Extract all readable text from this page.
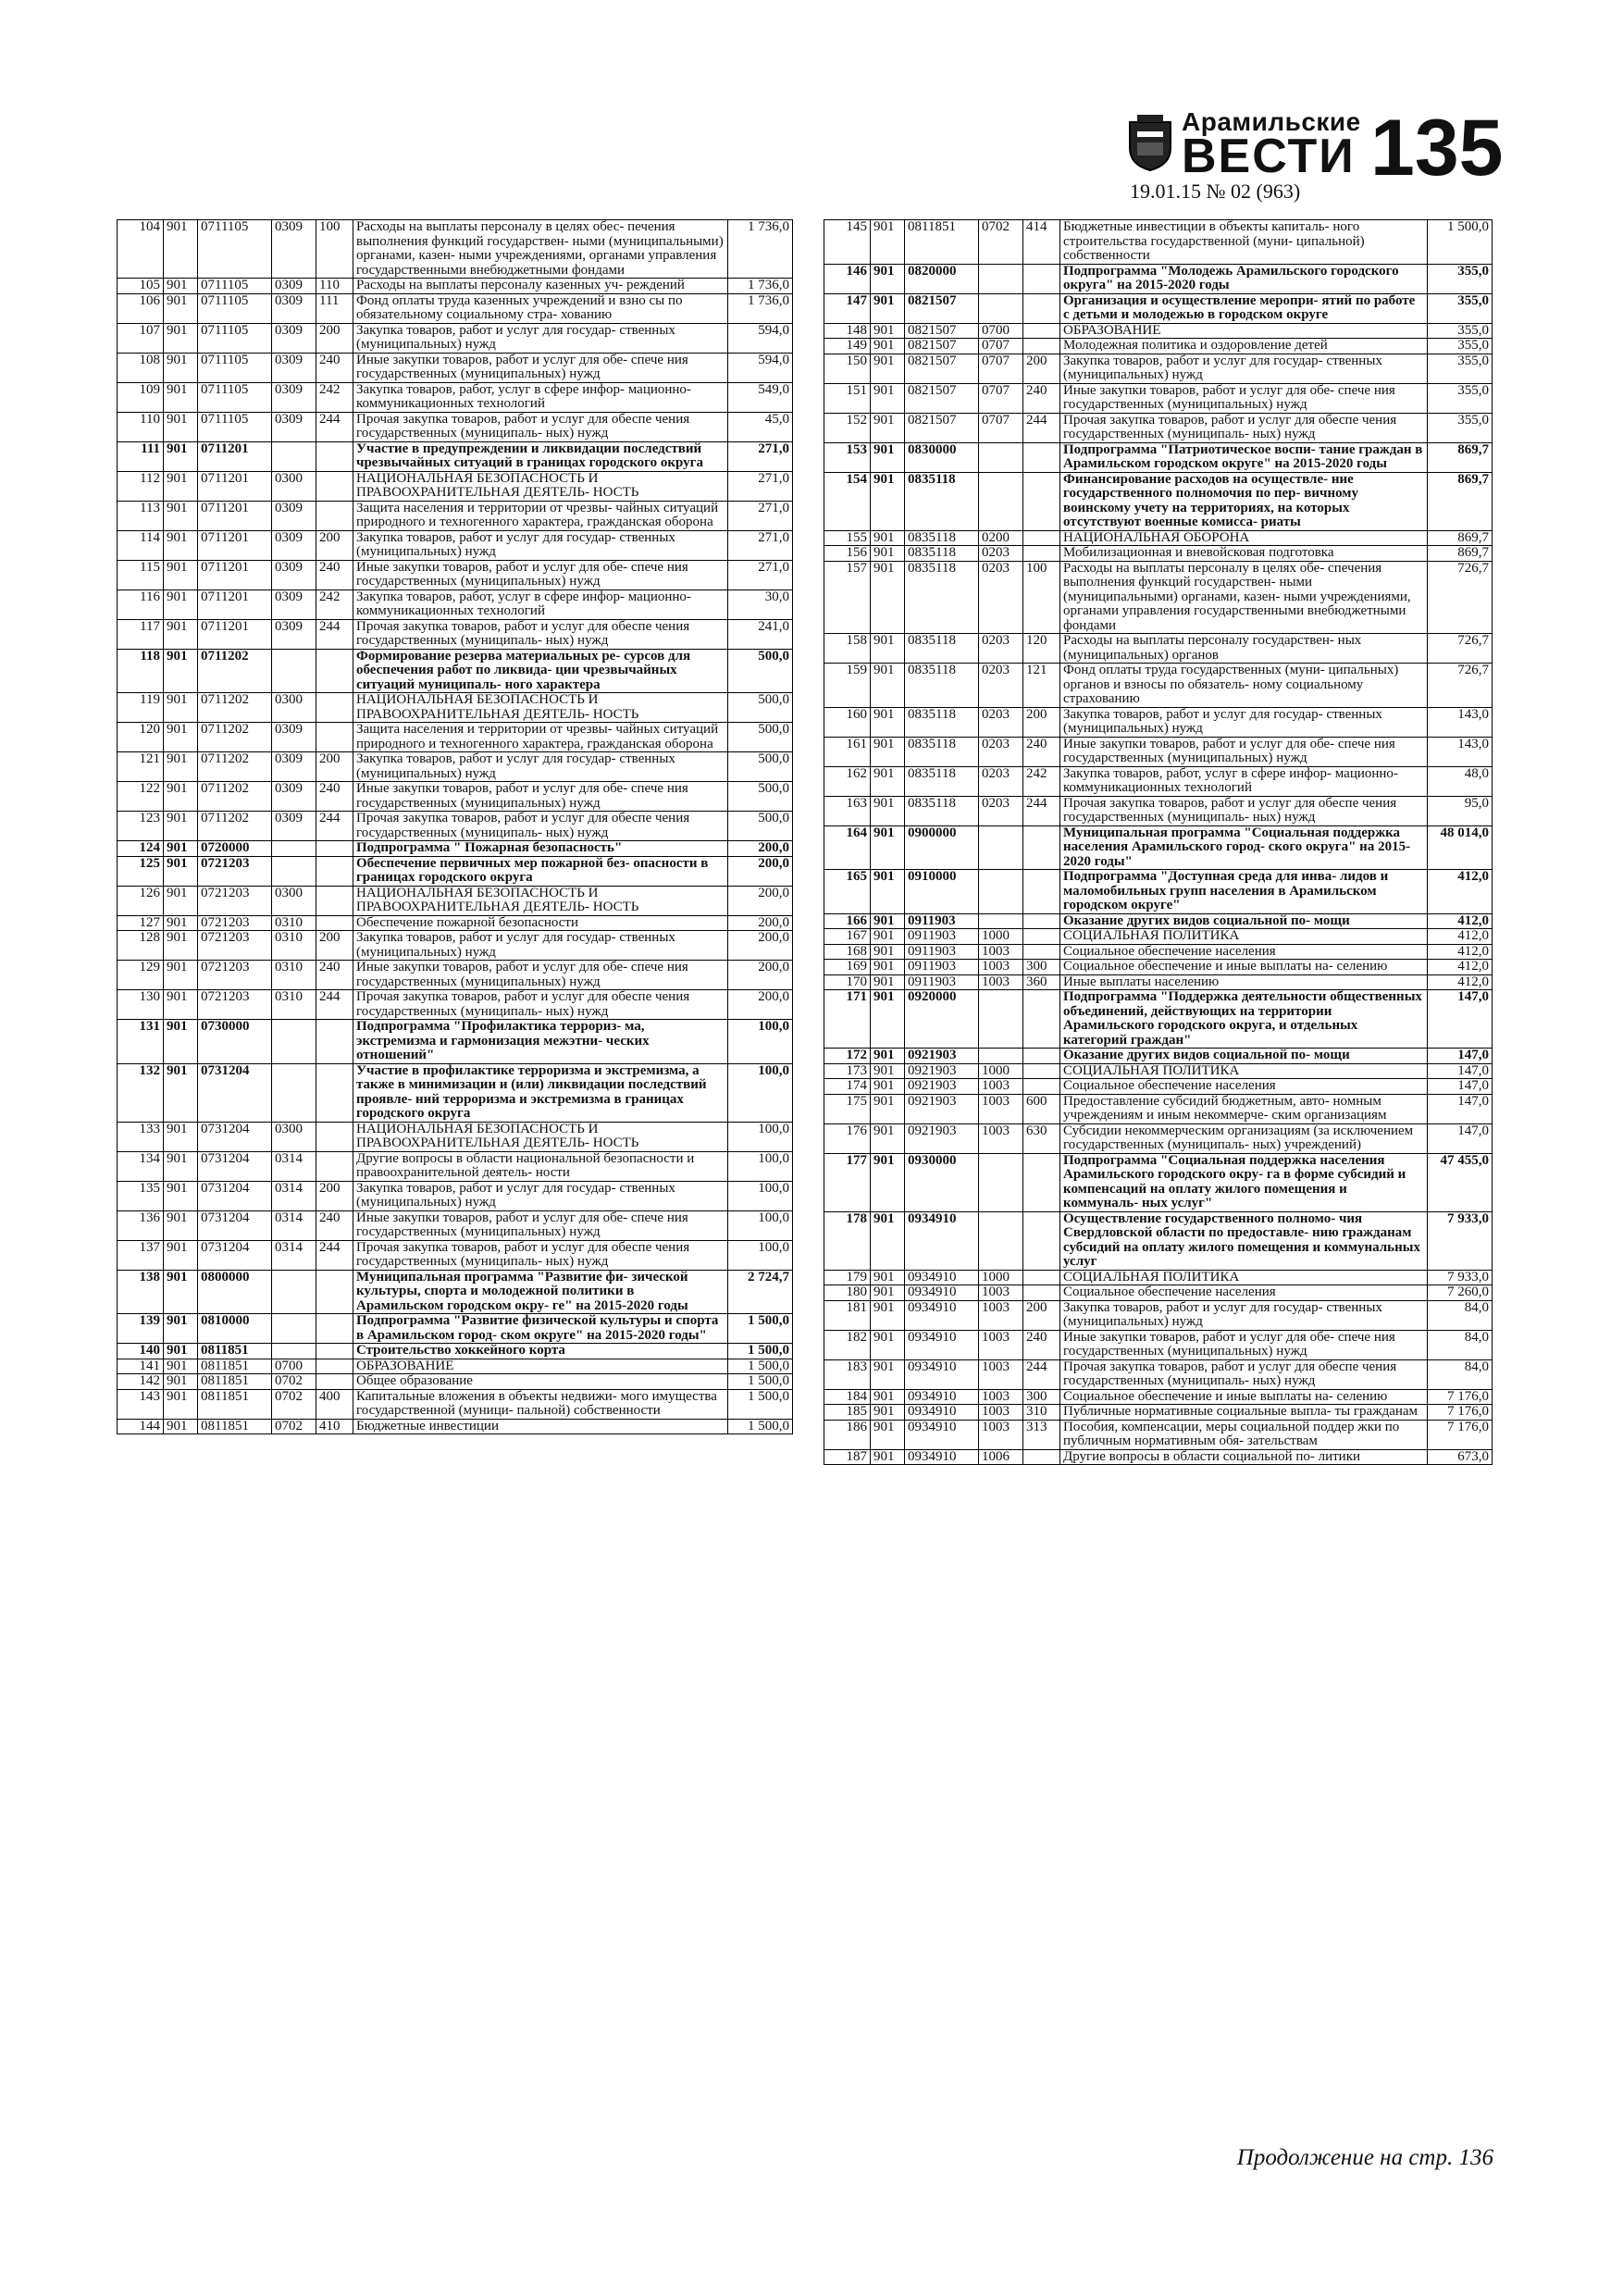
Арамильские
ВЕСТИ 135
19.01.15 № 02 (963)
104	901	0711105	0309	100	Расходы на выплаты персоналу в целях обес- печения выполнения функций государствен- ными (муниципальными) органами, казен- ными учреждениями, органами управления государственными внебюджетными фондами	1 736,0
105	901	0711105	0309	110	Расходы на выплаты персоналу казенных уч- реждений	1 736,0
106	901	0711105	0309	111	Фонд оплаты труда казенных учреждений и взно сы по обязательному социальному стра- хованию	1 736,0
107	901	0711105	0309	200	Закупка товаров, работ и услуг для государ- ственных (муниципальных) нужд	594,0
108	901	0711105	0309	240	Иные закупки товаров, работ и услуг для обе- спече ния государственных (муниципальных) нужд	594,0
109	901	0711105	0309	242	Закупка товаров, работ, услуг в сфере инфор- мационно-коммуникационных технологий	549,0
110	901	0711105	0309	244	Прочая закупка товаров, работ и услуг для обеспе чения государственных (муниципаль- ных) нужд	45,0
111	901	0711201			Участие в предупреждении и ликвидации последствий чрезвычайных ситуаций в границах городского округа	271,0
112	901	0711201	0300		НАЦИОНАЛЬНАЯ БЕЗОПАСНОСТЬ И ПРАВООХРАНИТЕЛЬНАЯ ДЕЯТЕЛЬ- НОСТЬ	271,0
113	901	0711201	0309		Защита населения и территории от чрезвы- чайных ситуаций природного и техногенного характера, гражданская оборона	271,0
114	901	0711201	0309	200	Закупка товаров, работ и услуг для государ- ственных (муниципальных) нужд	271,0
115	901	0711201	0309	240	Иные закупки товаров, работ и услуг для обе- спече ния государственных (муниципальных) нужд	271,0
116	901	0711201	0309	242	Закупка товаров, работ, услуг в сфере инфор- мационно-коммуникационных технологий	30,0
117	901	0711201	0309	244	Прочая закупка товаров, работ и услуг для обеспе чения государственных (муниципаль- ных) нужд	241,0
118	901	0711202			Формирование резерва материальных ре- сурсов для обеспечения работ по ликвида- ции чрезвычайных ситуаций муниципаль- ного характера	500,0
119	901	0711202	0300		НАЦИОНАЛЬНАЯ БЕЗОПАСНОСТЬ И ПРАВООХРАНИТЕЛЬНАЯ ДЕЯТЕЛЬ- НОСТЬ	500,0
120	901	0711202	0309		Защита населения и территории от чрезвы- чайных ситуаций природного и техногенного характера, гражданская оборона	500,0
121	901	0711202	0309	200	Закупка товаров, работ и услуг для государ- ственных (муниципальных) нужд	500,0
122	901	0711202	0309	240	Иные закупки товаров, работ и услуг для обе- спече ния государственных (муниципальных) нужд	500,0
123	901	0711202	0309	244	Прочая закупка товаров, работ и услуг для обеспе чения государственных (муниципаль- ных) нужд	500,0
124	901	0720000			Подпрограмма " Пожарная безопасность"	200,0
125	901	0721203			Обеспечение первичных мер пожарной без- опасности в границах городского округа	200,0
126	901	0721203	0300		НАЦИОНАЛЬНАЯ БЕЗОПАСНОСТЬ И ПРАВООХРАНИТЕЛЬНАЯ ДЕЯТЕЛЬ- НОСТЬ	200,0
127	901	0721203	0310		Обеспечение пожарной безопасности	200,0
128	901	0721203	0310	200	Закупка товаров, работ и услуг для государ- ственных (муниципальных) нужд	200,0
129	901	0721203	0310	240	Иные закупки товаров, работ и услуг для обе- спече ния государственных (муниципальных) нужд	200,0
130	901	0721203	0310	244	Прочая закупка товаров, работ и услуг для обеспе чения государственных (муниципаль- ных) нужд	200,0
131	901	0730000			Подпрограмма "Профилактика террориз- ма, экстремизма и гармонизация межэтни- ческих отношений"	100,0
132	901	0731204			Участие в профилактике терроризма и экстремизма, а также в минимизации и (или) ликвидации последствий проявле- ний терроризма и экстремизма в границах городского округа	100,0
133	901	0731204	0300		НАЦИОНАЛЬНАЯ БЕЗОПАСНОСТЬ И ПРАВООХРАНИТЕЛЬНАЯ ДЕЯТЕЛЬ- НОСТЬ	100,0
134	901	0731204	0314		Другие вопросы в области национальной безопасности и правоохранительной деятель- ности	100,0
135	901	0731204	0314	200	Закупка товаров, работ и услуг для государ- ственных (муниципальных) нужд	100,0
136	901	0731204	0314	240	Иные закупки товаров, работ и услуг для обе- спече ния государственных (муниципальных) нужд	100,0
137	901	0731204	0314	244	Прочая закупка товаров, работ и услуг для обеспе чения государственных (муниципаль- ных) нужд	100,0
138	901	0800000			Муниципальная программа "Развитие фи- зической культуры, спорта и молодежной политики в Арамильском городском окру- ге" на 2015-2020 годы	2 724,7
139	901	0810000			Подпрограмма "Развитие физической культуры и спорта в Арамильском город- ском округе" на 2015-2020 годы"	1 500,0
140	901	0811851			Строительство хоккейного корта	1 500,0
141	901	0811851	0700		ОБРАЗОВАНИЕ	1 500,0
142	901	0811851	0702		Общее образование	1 500,0
143	901	0811851	0702	400	Капитальные вложения в объекты недвижи- мого имущества государственной (муници- пальной) собственности	1 500,0
144	901	0811851	0702	410	Бюджетные инвестиции	1 500,0
145	901	0811851	0702	414	Бюджетные инвестиции в объекты капиталь- ного строительства государственной (муни- ципальной) собственности	1 500,0
146	901	0820000			Подпрограмма "Молодежь Арамильского городского округа" на 2015-2020 годы	355,0
147	901	0821507			Организация и осуществление меропри- ятий по работе с детьми и молодежью в городском округе	355,0
148	901	0821507	0700		ОБРАЗОВАНИЕ	355,0
149	901	0821507	0707		Молодежная политика и оздоровление детей	355,0
150	901	0821507	0707	200	Закупка товаров, работ и услуг для государ- ственных (муниципальных) нужд	355,0
151	901	0821507	0707	240	Иные закупки товаров, работ и услуг для обе- спече ния государственных (муниципальных) нужд	355,0
152	901	0821507	0707	244	Прочая закупка товаров, работ и услуг для обеспе чения государственных (муниципаль- ных) нужд	355,0
153	901	0830000			Подпрограмма "Патриотическое воспи- тание граждан в Арамильском городском округе" на 2015-2020 годы	869,7
154	901	0835118			Финансирование расходов на осуществле- ние государственного полномочия по пер- вичному воинскому учету на территориях, на которых отсутствуют военные комисса- риаты	869,7
155	901	0835118	0200		НАЦИОНАЛЬНАЯ ОБОРОНА	869,7
156	901	0835118	0203		Мобилизационная и вневойсковая подготовка	869,7
157	901	0835118	0203	100	Расходы на выплаты персоналу в целях обе- спечения выполнения функций государствен- ными (муниципальными) органами, казен- ными учреждениями, органами управления государственными внебюджетными фондами	726,7
158	901	0835118	0203	120	Расходы на выплаты персоналу государствен- ных (муниципальных) органов	726,7
159	901	0835118	0203	121	Фонд оплаты труда государственных (муни- ципальных) органов и взносы по обязатель- ному социальному страхованию	726,7
160	901	0835118	0203	200	Закупка товаров, работ и услуг для государ- ственных (муниципальных) нужд	143,0
161	901	0835118	0203	240	Иные закупки товаров, работ и услуг для обе- спече ния государственных (муниципальных) нужд	143,0
162	901	0835118	0203	242	Закупка товаров, работ, услуг в сфере инфор- мационно-коммуникационных технологий	48,0
163	901	0835118	0203	244	Прочая закупка товаров, работ и услуг для обеспе чения государственных (муниципаль- ных) нужд	95,0
164	901	0900000			Муниципальная программа "Социальная поддержка населения Арамильского город- ского округа" на 2015-2020 годы"	48 014,0
165	901	0910000			Подпрограмма "Доступная среда для инва- лидов и маломобильных групп населения в Арамильском городском округе"	412,0
166	901	0911903			Оказание других видов социальной по- мощи	412,0
167	901	0911903	1000		СОЦИАЛЬНАЯ ПОЛИТИКА	412,0
168	901	0911903	1003		Социальное обеспечение населения	412,0
169	901	0911903	1003	300	Социальное обеспечение и иные выплаты на- селению	412,0
170	901	0911903	1003	360	Иные выплаты населению	412,0
171	901	0920000			Подпрограмма "Поддержка деятельности общественных объединений, действующих на территории Арамильского городского округа, и отдельных категорий граждан"	147,0
172	901	0921903			Оказание других видов социальной по- мощи	147,0
173	901	0921903	1000		СОЦИАЛЬНАЯ ПОЛИТИКА	147,0
174	901	0921903	1003		Социальное обеспечение населения	147,0
175	901	0921903	1003	600	Предоставление субсидий бюджетным, авто- номным учреждениям и иным некоммерче- ским организациям	147,0
176	901	0921903	1003	630	Субсидии некоммерческим организациям (за исключением государственных (муниципаль- ных) учреждений)	147,0
177	901	0930000			Подпрограмма "Социальная поддержка населения Арамильского городского окру- га в форме субсидий и компенсаций на оплату жилого помещения и коммуналь- ных услуг"	47 455,0
178	901	0934910			Осуществление государственного полномо- чия Свердловской области по предоставле- нию гражданам субсидий на оплату жилого помещения и коммунальных услуг	7 933,0
179	901	0934910	1000		СОЦИАЛЬНАЯ ПОЛИТИКА	7 933,0
180	901	0934910	1003		Социальное обеспечение населения	7 260,0
181	901	0934910	1003	200	Закупка товаров, работ и услуг для государ- ственных (муниципальных) нужд	84,0
182	901	0934910	1003	240	Иные закупки товаров, работ и услуг для обе- спече ния государственных (муниципальных) нужд	84,0
183	901	0934910	1003	244	Прочая закупка товаров, работ и услуг для обеспе чения государственных (муниципаль- ных) нужд	84,0
184	901	0934910	1003	300	Социальное обеспечение и иные выплаты на- селению	7 176,0
185	901	0934910	1003	310	Публичные нормативные социальные выпла- ты гражданам	7 176,0
186	901	0934910	1003	313	Пособия, компенсации, меры социальной поддер жки по публичным нормативным обя- зательствам	7 176,0
187	901	0934910	1006		Другие вопросы в области социальной по- литики	673,0
Продолжение на стр. 136
